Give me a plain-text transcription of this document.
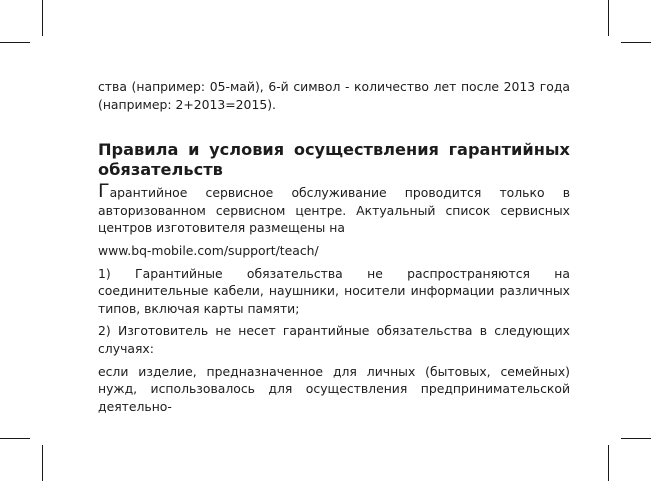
ства (например: 05-май), 6-й символ - количество лет после 2013 года (например: 2+2013=2015).

Правила и условия осуществления гарантийных обязательств

Гарантийное сервисное обслуживание проводится только в авторизованном сервисном центре. Актуальный список сервисных центров изготовителя размещены на

www.bq-mobile.com/support/teach/

1) Гарантийные обязательства не распространяются на соединительные кабели, наушники, носители информации различных типов, включая карты памяти;

2) Изготовитель не несет гарантийные обязательства в следующих случаях:

если изделие, предназначенное для личных (бытовых, семейных) нужд, использовалось для осуществления предпринимательской деятельно-
